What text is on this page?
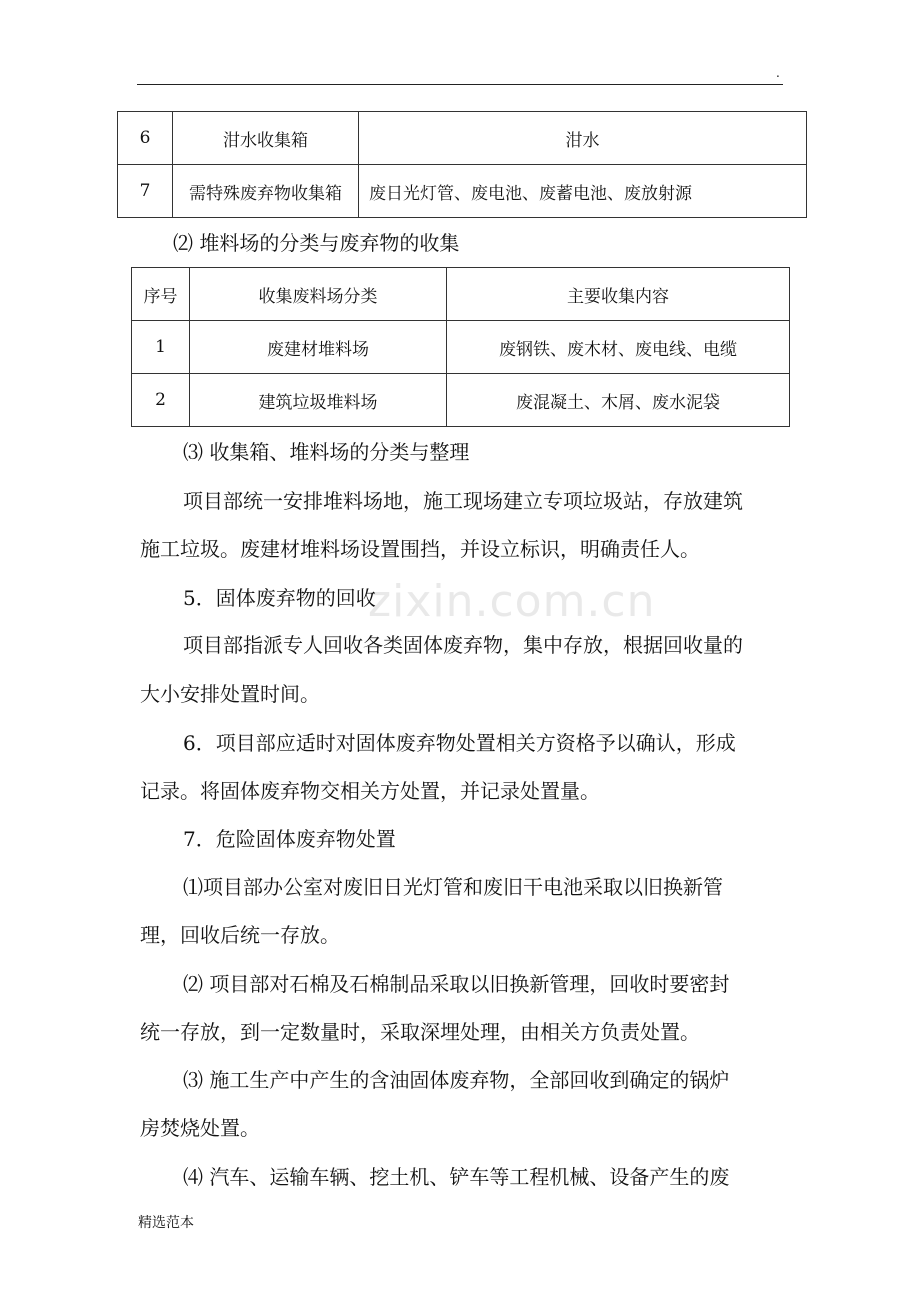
.
zixin.com.cn
6	泔水收集箱	泔水
7	需特殊废弃物收集箱	废日光灯管、废电池、废蓄电池、废放射源
⑵ 堆料场的分类与废弃物的收集
序号	收集废料场分类	主要收集内容
1	废建材堆料场	废钢铁、废木材、废电线、电缆
2	建筑垃圾堆料场	废混凝土、木屑、废水泥袋
⑶ 收集箱、堆料场的分类与整理
项目部统一安排堆料场地，施工现场建立专项垃圾站，存放建筑
施工垃圾。废建材堆料场设置围挡，并设立标识，明确责任人。
5．固体废弃物的回收
项目部指派专人回收各类固体废弃物，集中存放，根据回收量的
大小安排处置时间。
6．项目部应适时对固体废弃物处置相关方资格予以确认，形成
记录。将固体废弃物交相关方处置，并记录处置量。
7．危险固体废弃物处置
⑴项目部办公室对废旧日光灯管和废旧干电池采取以旧换新管
理，回收后统一存放。
⑵ 项目部对石棉及石棉制品采取以旧换新管理，回收时要密封
统一存放，到一定数量时，采取深埋处理，由相关方负责处置。
⑶ 施工生产中产生的含油固体废弃物，全部回收到确定的锅炉
房焚烧处置。
⑷ 汽车、运输车辆、挖土机、铲车等工程机械、设备产生的废
精选范本
